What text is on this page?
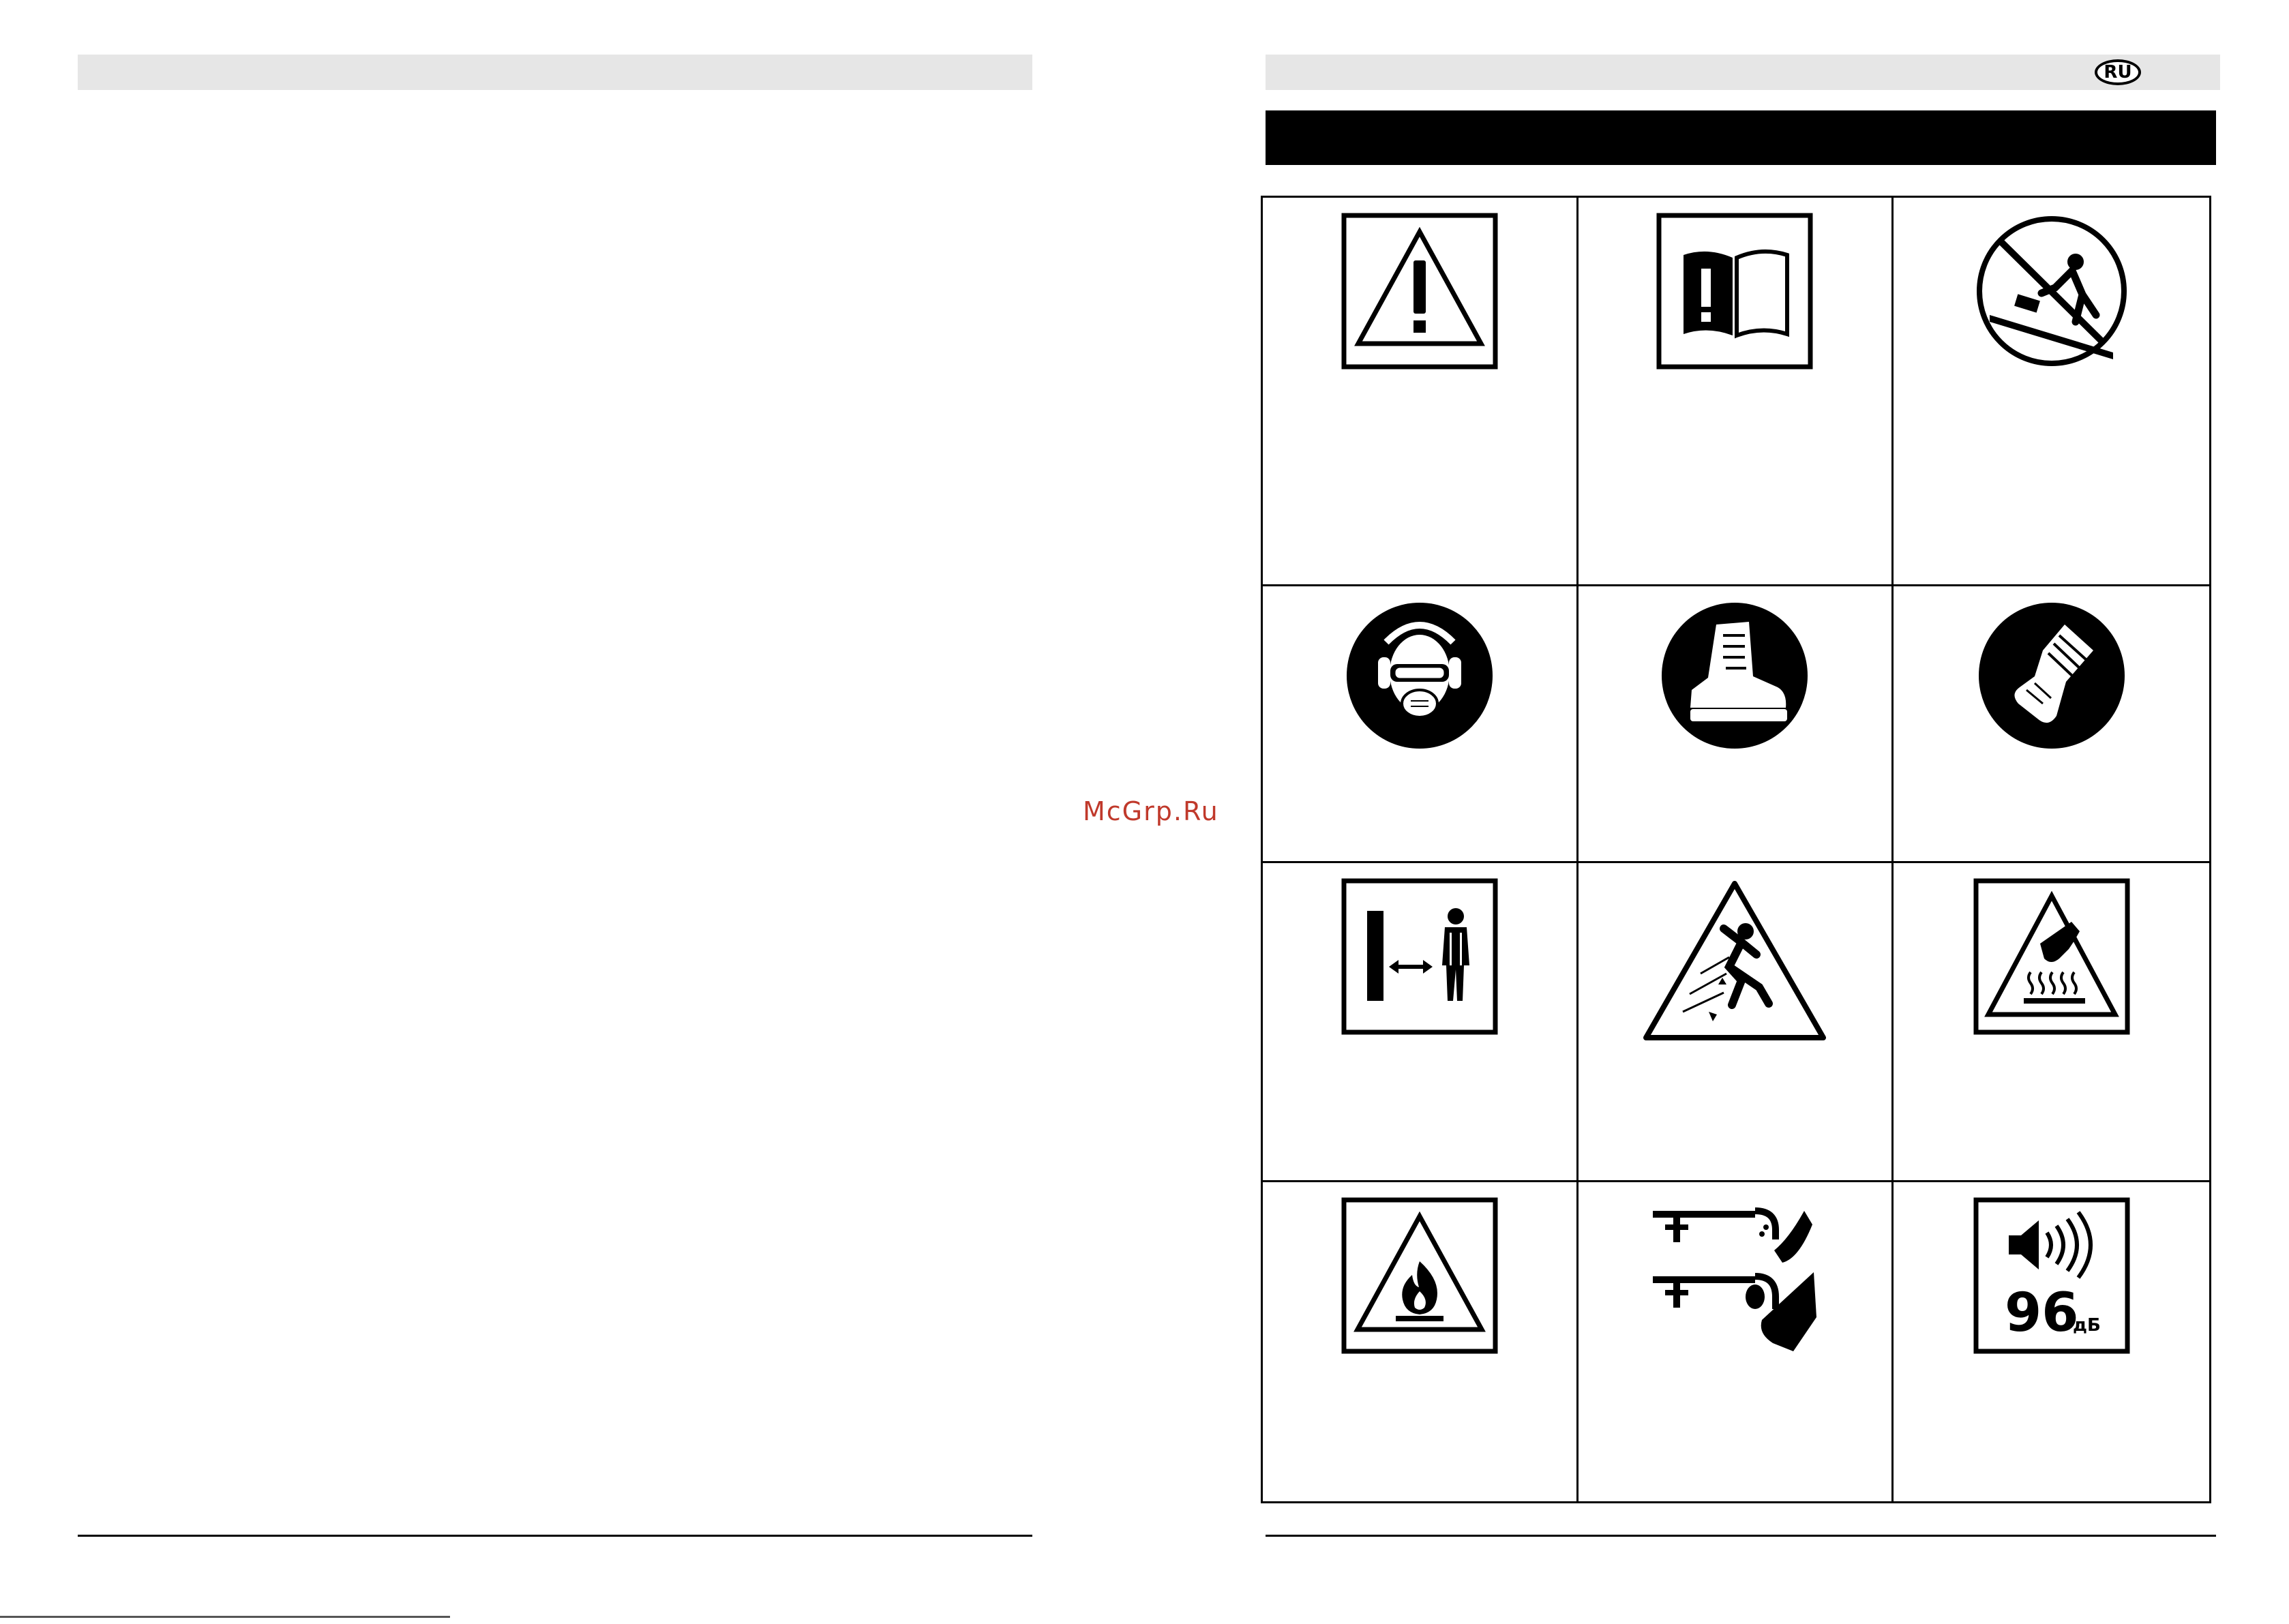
RU
McGrp.Ru
96
дБ
